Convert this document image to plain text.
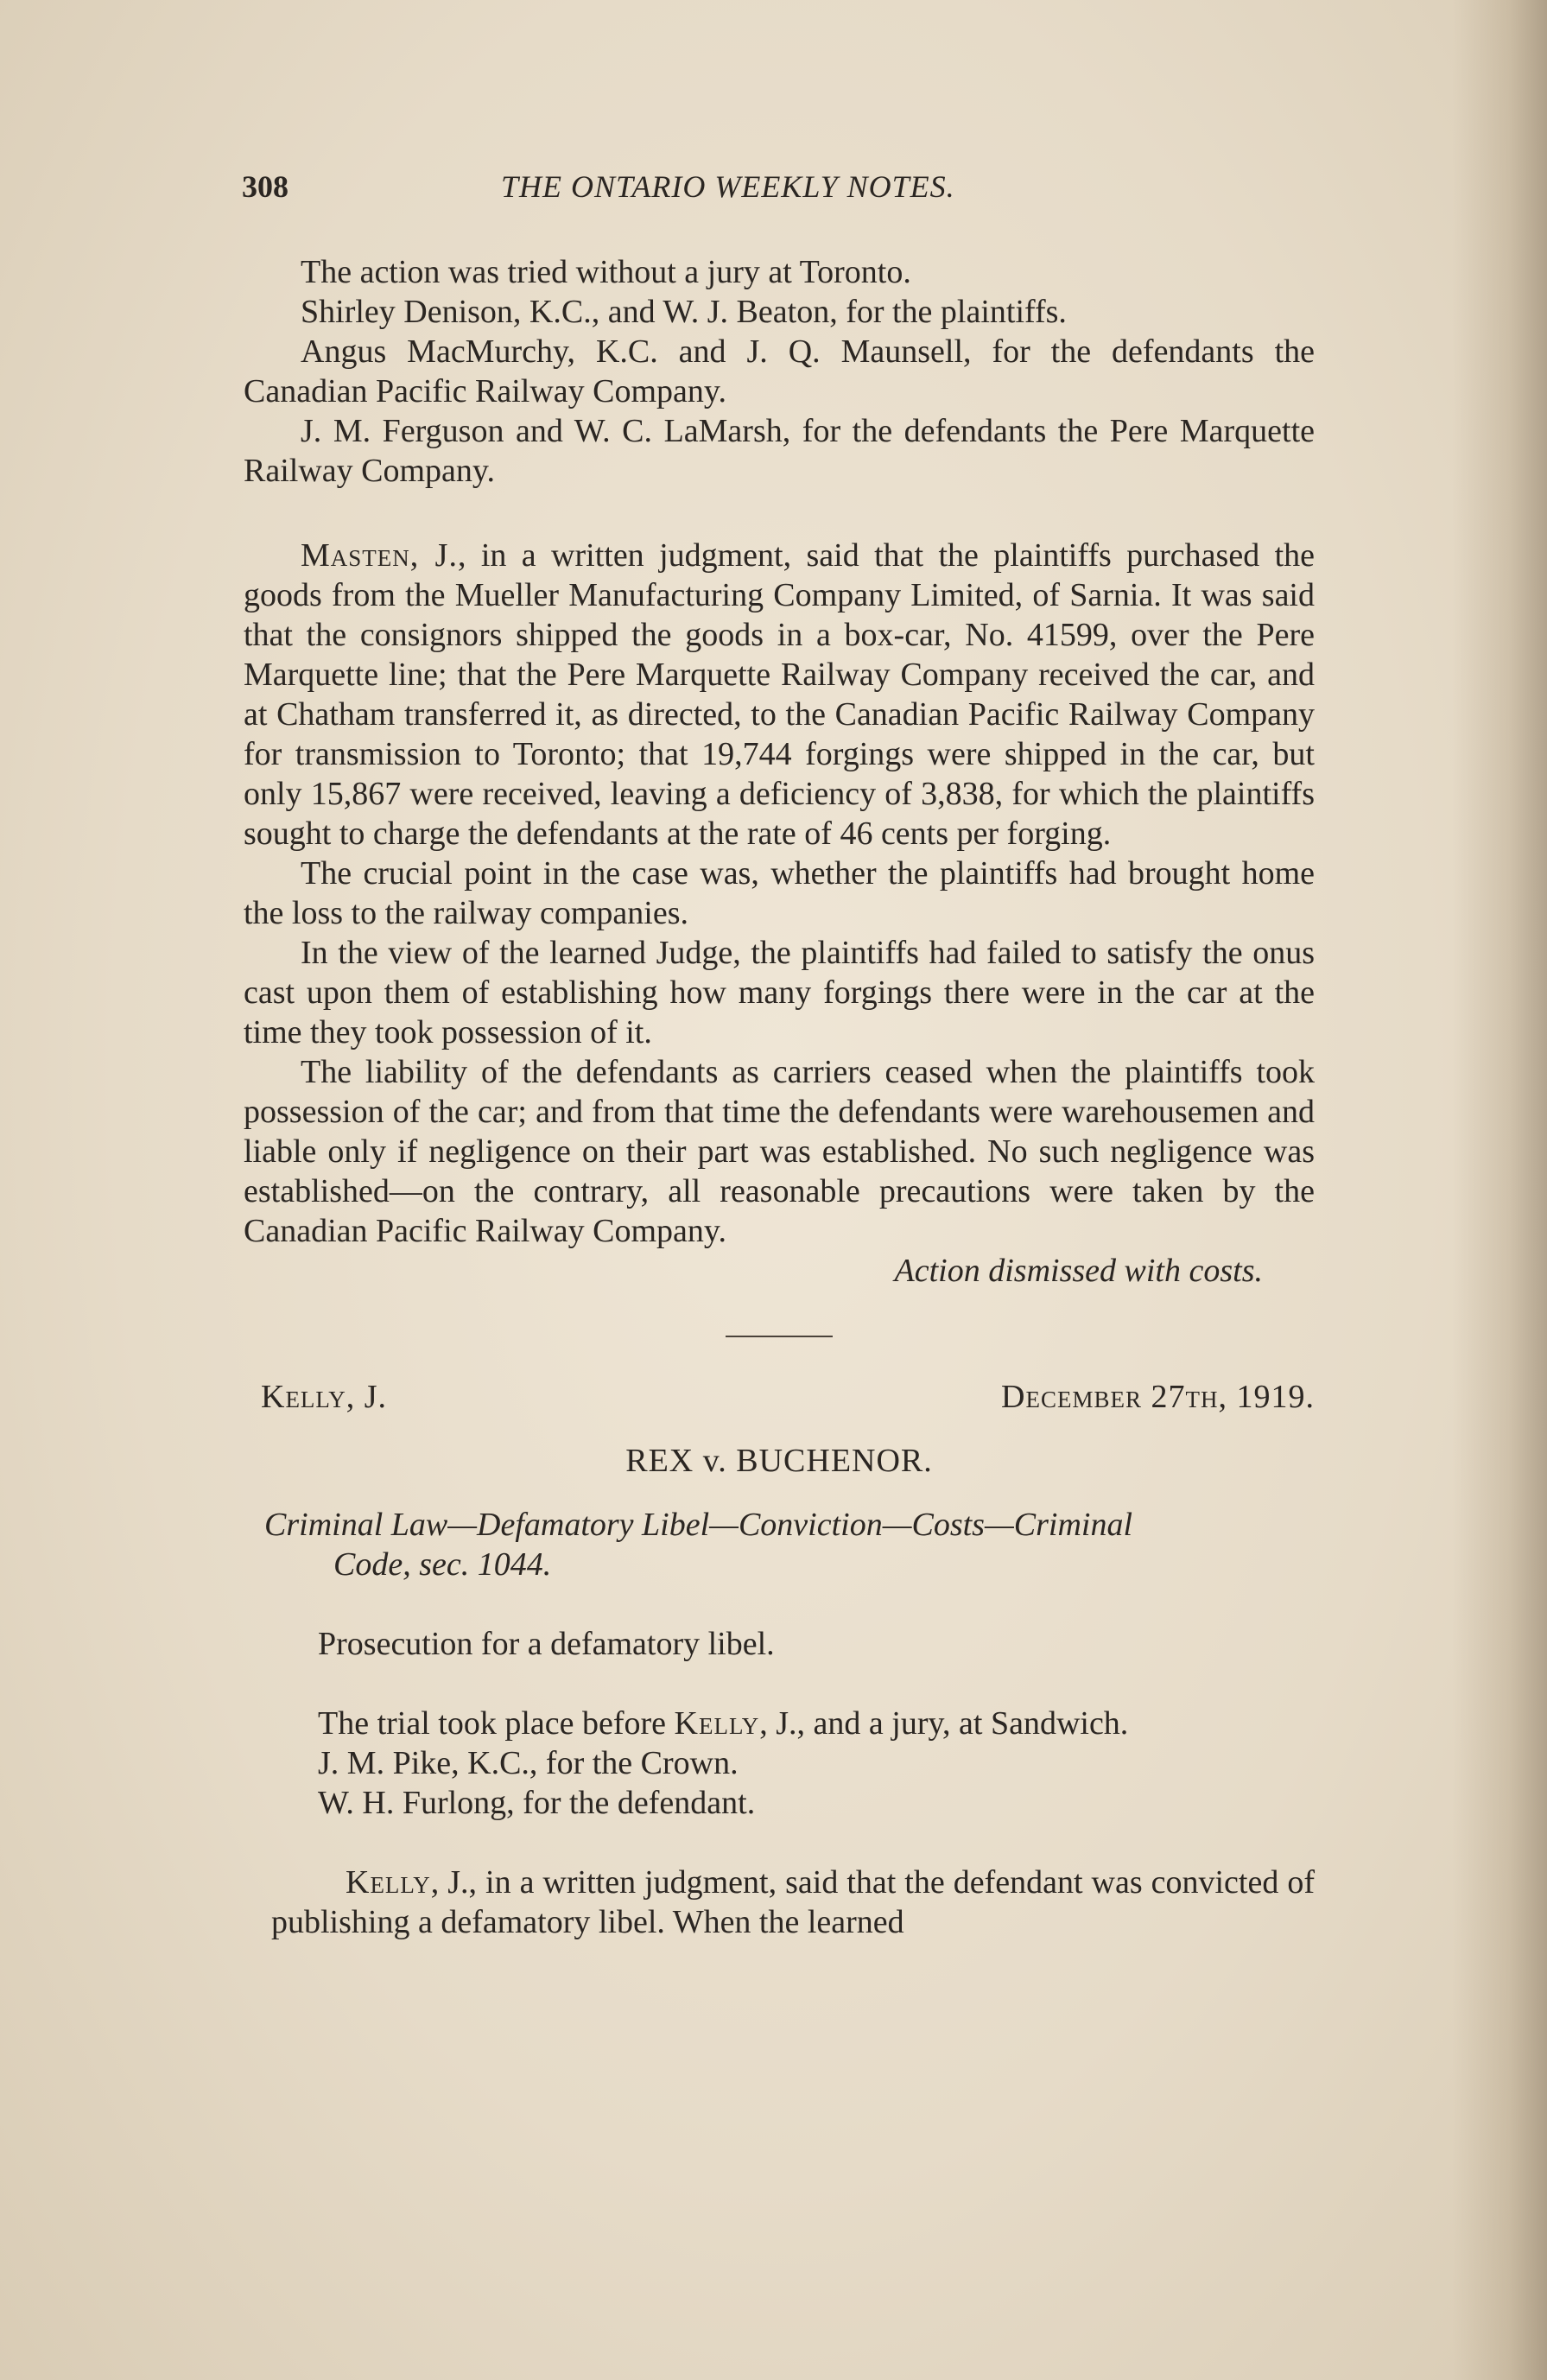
308	THE ONTARIO WEEKLY NOTES.

The action was tried without a jury at Toronto.

Shirley Denison, K.C., and W. J. Beaton, for the plaintiffs.

Angus MacMurchy, K.C. and J. Q. Maunsell, for the defendants the Canadian Pacific Railway Company.

J. M. Ferguson and W. C. LaMarsh, for the defendants the Pere Marquette Railway Company.

Masten, J., in a written judgment, said that the plaintiffs purchased the goods from the Mueller Manufacturing Company Limited, of Sarnia. It was said that the consignors shipped the goods in a box-car, No. 41599, over the Pere Marquette line; that the Pere Marquette Railway Company received the car, and at Chatham transferred it, as directed, to the Canadian Pacific Railway Company for transmission to Toronto; that 19,744 forgings were shipped in the car, but only 15,867 were received, leaving a deficiency of 3,838, for which the plaintiffs sought to charge the defendants at the rate of 46 cents per forging.

The crucial point in the case was, whether the plaintiffs had brought home the loss to the railway companies.

In the view of the learned Judge, the plaintiffs had failed to satisfy the onus cast upon them of establishing how many forgings there were in the car at the time they took possession of it.

The liability of the defendants as carriers ceased when the plaintiffs took possession of the car; and from that time the defendants were warehousemen and liable only if negligence on their part was established. No such negligence was established—on the contrary, all reasonable precautions were taken by the Canadian Pacific Railway Company.

Action dismissed with costs.

Kelly, J.	December 27th, 1919.

REX v. BUCHENOR.

Criminal Law—Defamatory Libel—Conviction—Costs—Criminal

Code, sec. 1044.

Prosecution for a defamatory libel.

The trial took place before Kelly, J., and a jury, at Sandwich.

J. M. Pike, K.C., for the Crown.

W. H. Furlong, for the defendant.

Kelly, J., in a written judgment, said that the defendant was convicted of publishing a defamatory libel. When the learned
